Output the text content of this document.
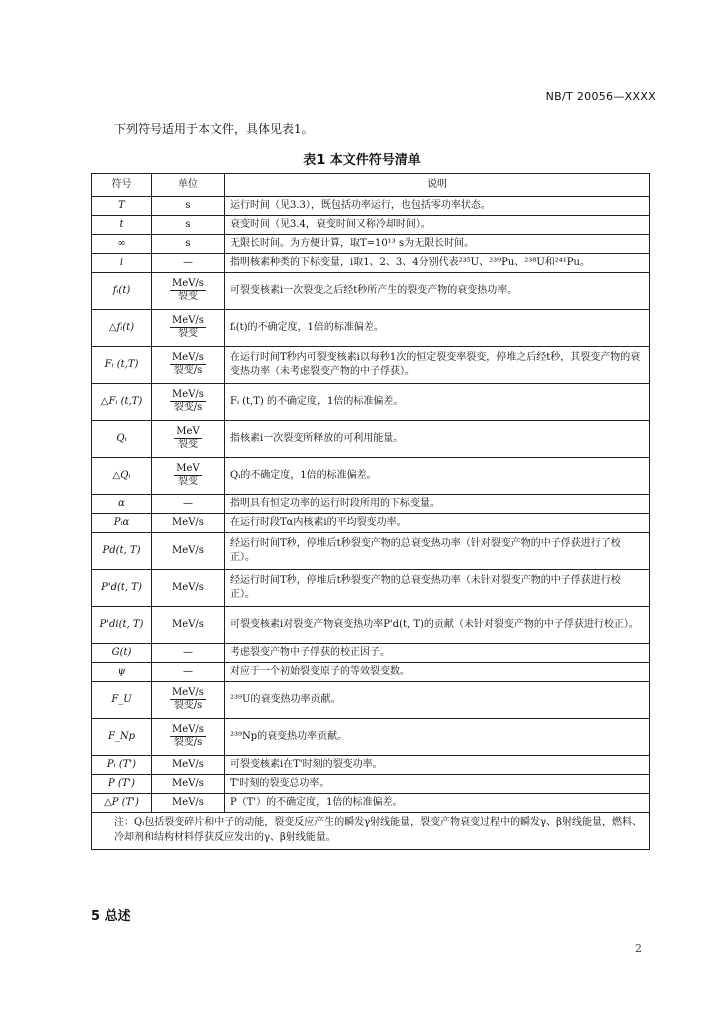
NB/T 20056—XXXX
下列符号适用于本文件，具体见表1。
表1 本文件符号清单
符号	单位	说明
T	s	运行时间（见3.3），既包括功率运行，也包括零功率状态。
t	s	衰变时间（见3.4，衰变时间又称冷却时间）。
∞	s	无限长时间。为方便计算，取T=10¹³ s为无限长时间。
i	—	指明核素种类的下标变量，i取1、2、3、4分别代表²³⁵U、²³⁹Pu、²³⁸U和²⁴¹Pu。
fᵢ(t)	$\frac{\text{MeV/s}}{\text{裂变}}$	可裂变核素i一次裂变之后经t秒所产生的裂变产物的衰变热功率。
△fᵢ(t)	$\frac{\text{MeV/s}}{\text{裂变}}$	fᵢ(t)的不确定度，1倍的标准偏差。
Fᵢ (t,T)	$\frac{\text{MeV/s}}{\text{裂变/s}}$	在运行时间T秒内可裂变核素i以每秒1次的恒定裂变率裂变，停堆之后经t秒，其裂变产物的衰变热功率（未考虑裂变产物的中子俘获）。
△Fᵢ (t,T)	$\frac{\text{MeV/s}}{\text{裂变/s}}$	Fᵢ (t,T) 的不确定度，1倍的标准偏差。
Qᵢ	$\frac{\text{MeV}}{\text{裂变}}$	指核素i一次裂变所释放的可利用能量。
△Qᵢ	$\frac{\text{MeV}}{\text{裂变}}$	Qᵢ的不确定度，1倍的标准偏差。
α	—	指明具有恒定功率的运行时段所用的下标变量。
Pᵢα	MeV/s	在运行时段Tα内核素i的平均裂变功率。
Pd(t, T)	MeV/s	经运行时间T秒，停堆后t秒裂变产物的总衰变热功率（针对裂变产物的中子俘获进行了校正）。
P'd(t, T)	MeV/s	经运行时间T秒，停堆后t秒裂变产物的总衰变热功率（未针对裂变产物的中子俘获进行校正）。
P'di(t, T)	MeV/s	可裂变核素i对裂变产物衰变热功率P'd(t, T)的贡献（未针对裂变产物的中子俘获进行校正）。
G(t)	—	考虑裂变产物中子俘获的校正因子。
ψ	—	对应于一个初始裂变原子的等效裂变数。
F_U	$\frac{\text{MeV/s}}{\text{裂变/s}}$	²³⁹U的衰变热功率贡献。
F_Np	$\frac{\text{MeV/s}}{\text{裂变/s}}$	²³⁹Np的衰变热功率贡献。
Pᵢ (T')	MeV/s	可裂变核素i在T'时刻的裂变功率。
P (T')	MeV/s	T'时刻的裂变总功率。
△P (T')	MeV/s	P（T'）的不确定度，1倍的标准偏差。
注：Qᵢ包括裂变碎片和中子的动能，裂变反应产生的瞬发γ射线能量，裂变产物衰变过程中的瞬发γ、β射线能量，燃料、冷却剂和结构材料俘获反应发出的γ、β射线能量。		
5 总述
2
